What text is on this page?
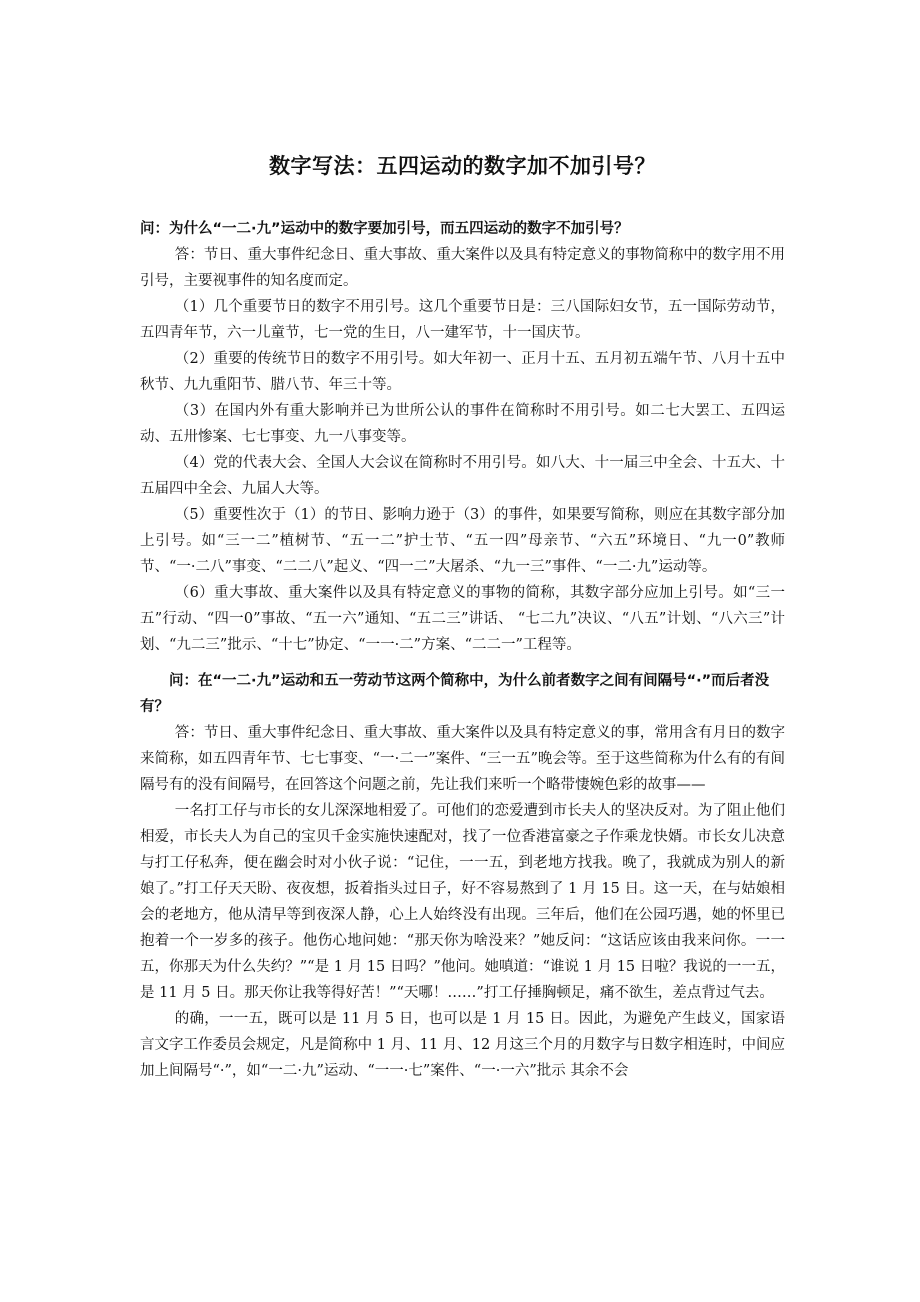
数字写法：五四运动的数字加不加引号？

问：为什么“一二·九”运动中的数字要加引号，而五四运动的数字不加引号？

答：节日、重大事件纪念日、重大事故、重大案件以及具有特定意义的事物简称中的数字用不用引号，主要视事件的知名度而定。

（1）几个重要节日的数字不用引号。这几个重要节日是：三八国际妇女节，五一国际劳动节，五四青年节，六一儿童节，七一党的生日，八一建军节，十一国庆节。

（2）重要的传统节日的数字不用引号。如大年初一、正月十五、五月初五端午节、八月十五中秋节、九九重阳节、腊八节、年三十等。

（3）在国内外有重大影响并已为世所公认的事件在简称时不用引号。如二七大罢工、五四运动、五卅惨案、七七事变、九一八事变等。

（4）党的代表大会、全国人大会议在简称时不用引号。如八大、十一届三中全会、十五大、十五届四中全会、九届人大等。

（5）重要性次于（1）的节日、影响力逊于（3）的事件，如果要写简称，则应在其数字部分加上引号。如“三一二”植树节、“五一二”护士节、“五一四”母亲节、“六五”环境日、“九一0”教师节、“一·二八”事变、“二二八”起义、“四一二”大屠杀、“九一三”事件、“一二·九”运动等。

（6）重大事故、重大案件以及具有特定意义的事物的简称，其数字部分应加上引号。如“三一五”行动、“四一0”事故、“五一六”通知、“五二三”讲话、 “七二九”决议、“八五”计划、“八六三”计划、“九二三”批示、“十七”协定、“一一·二”方案、“二二一”工程等。

问：在“一二·九”运动和五一劳动节这两个简称中，为什么前者数字之间有间隔号“·”而后者没有？

答：节日、重大事件纪念日、重大事故、重大案件以及具有特定意义的事，常用含有月日的数字来简称，如五四青年节、七七事变、“一·二一”案件、“三一五”晚会等。至于这些简称为什么有的有间隔号有的没有间隔号，在回答这个问题之前，先让我们来听一个略带悽婉色彩的故事——

一名打工仔与市长的女儿深深地相爱了。可他们的恋爱遭到市长夫人的坚决反对。为了阻止他们相爱，市长夫人为自己的宝贝千金实施快速配对，找了一位香港富豪之子作乘龙快婿。市长女儿决意与打工仔私奔，便在幽会时对小伙子说：“记住，一一五，到老地方找我。晚了，我就成为别人的新娘了。”打工仔天天盼、夜夜想，扳着指头过日子，好不容易熬到了 1 月 15 日。这一天，在与姑娘相会的老地方，他从清早等到夜深人静，心上人始终没有出现。三年后，他们在公园巧遇，她的怀里已抱着一个一岁多的孩子。他伤心地问她：“那天你为啥没来？”她反问：“这话应该由我来问你。一一五，你那天为什么失约？”“是 1 月 15 日吗？”他问。她嗔道：“谁说 1 月 15 日啦？我说的一一五，是 11 月 5 日。那天你让我等得好苦！”“天哪！……”打工仔捶胸顿足，痛不欲生，差点背过气去。

的确，一一五，既可以是 11 月 5 日，也可以是 1 月 15 日。因此，为避免产生歧义，国家语言文字工作委员会规定，凡是简称中 1 月、11 月、12 月这三个月的月数字与日数字相连时，中间应加上间隔号“·”，如“一二·九”运动、“一一·七”案件、“一·一六”批示 其余不会
